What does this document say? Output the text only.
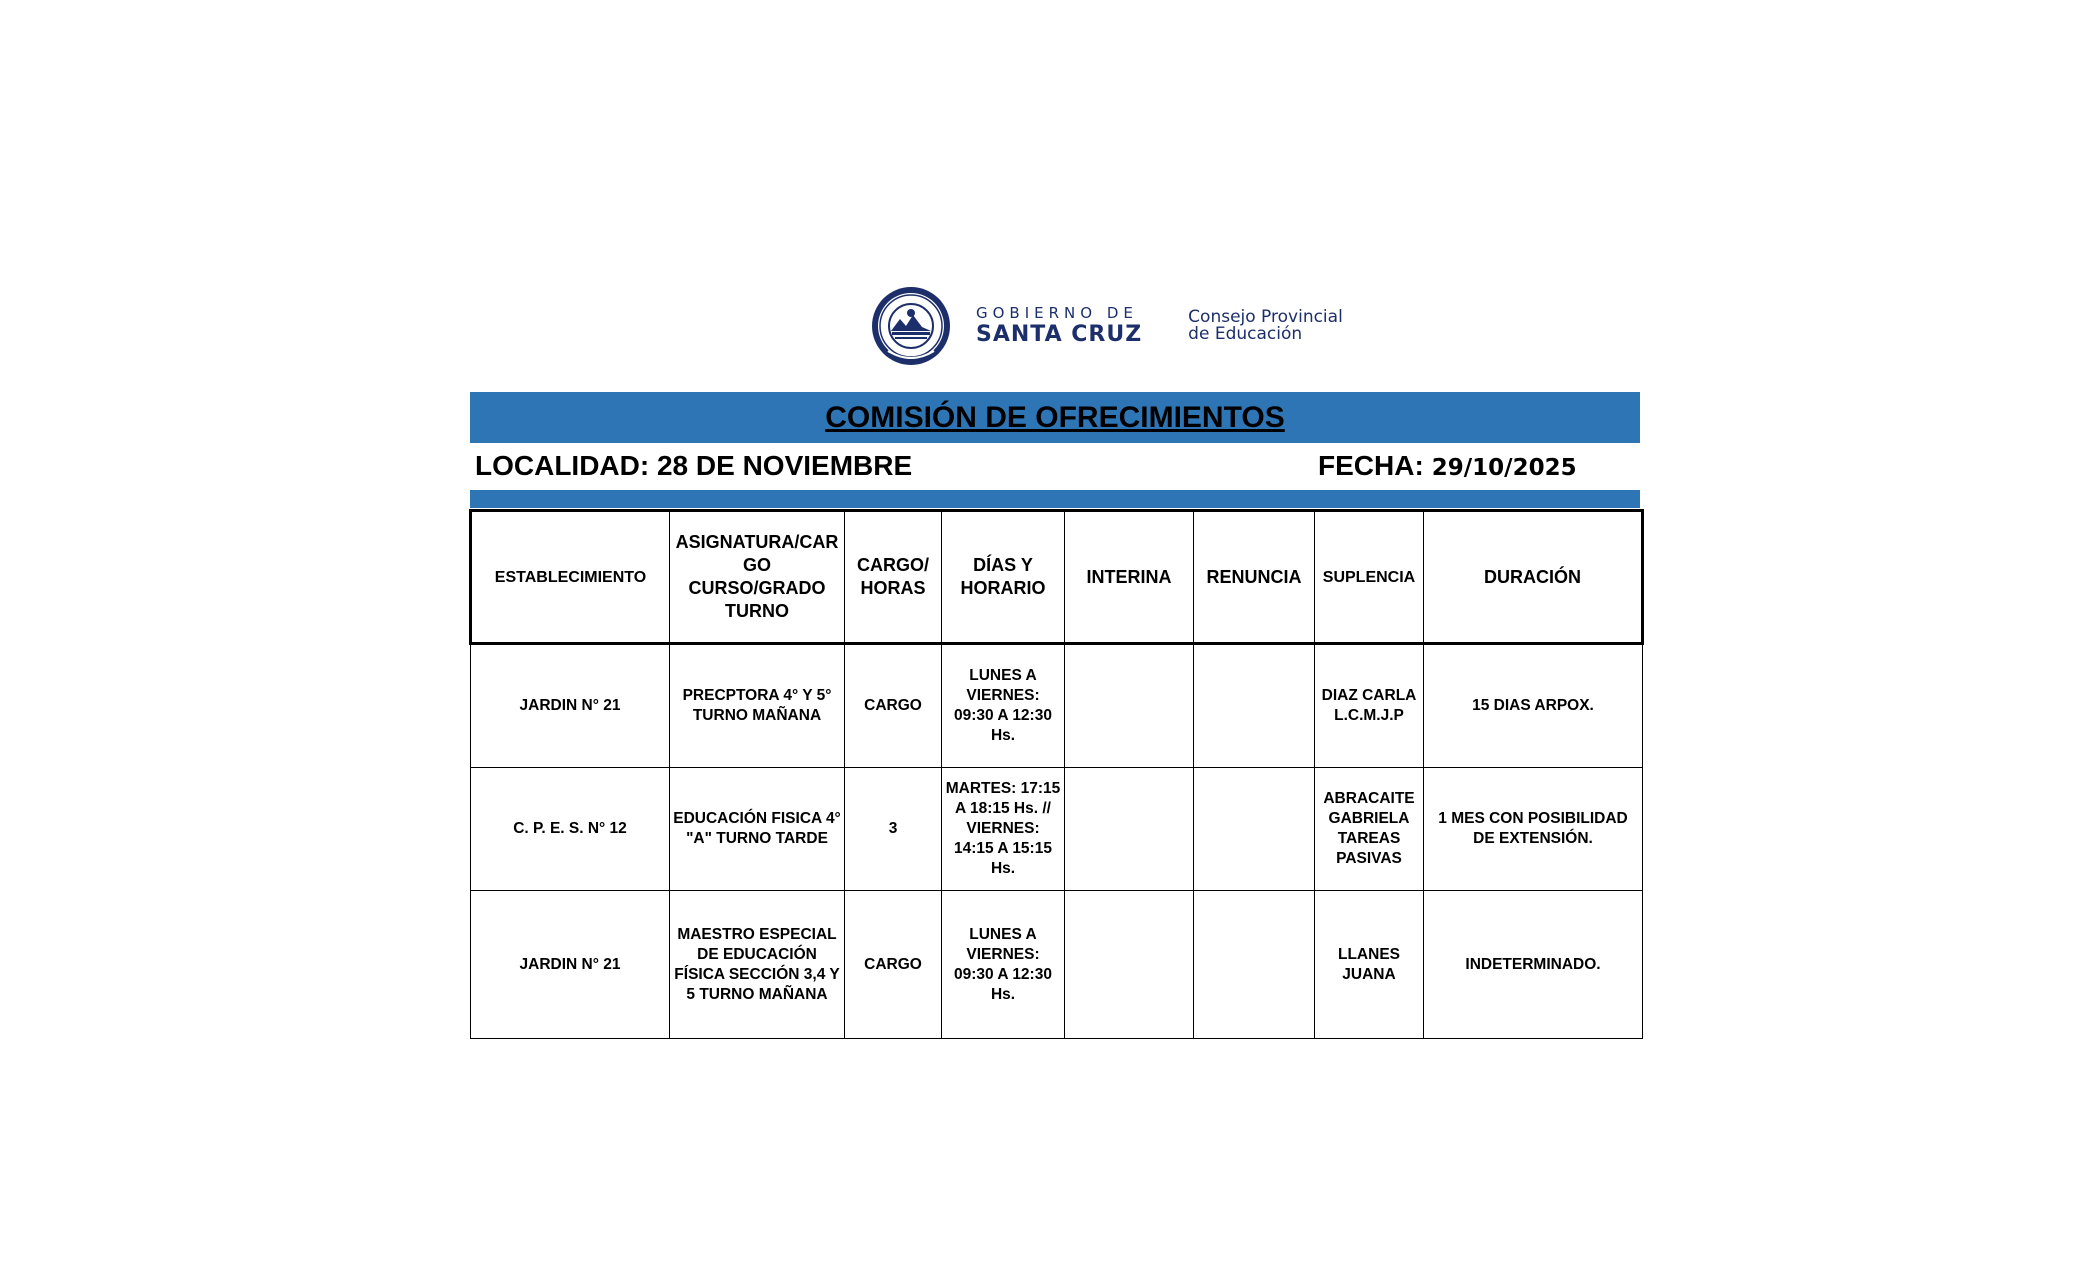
GOBIERNO DE
SANTA CRUZ
Consejo Provincial
de Educación
COMISIÓN DE OFRECIMIENTOS
LOCALIDAD: 28 DE NOVIEMBRE	FECHA: 29/10/2025
ESTABLECIMIENTO	ASIGNATURA/CAR GO CURSO/GRADO TURNO	CARGO/ HORAS	DÍAS Y HORARIO	INTERINA	RENUNCIA	SUPLENCIA	DURACIÓN
JARDIN N° 21	PRECPTORA 4° Y 5° TURNO MAÑANA	CARGO	LUNES A VIERNES: 09:30 A 12:30 Hs.			DIAZ CARLA L.C.M.J.P	15 DIAS ARPOX.
C. P. E. S. N° 12	EDUCACIÓN FISICA 4° "A" TURNO TARDE	3	MARTES: 17:15 A 18:15 Hs. // VIERNES: 14:15 A 15:15 Hs.			ABRACAITE GABRIELA TAREAS PASIVAS	1 MES CON POSIBILIDAD DE EXTENSIÓN.
JARDIN N° 21	MAESTRO ESPECIAL DE EDUCACIÓN FÍSICA SECCIÓN 3,4 Y 5 TURNO MAÑANA	CARGO	LUNES A VIERNES: 09:30 A 12:30 Hs.			LLANES JUANA	INDETERMINADO.
